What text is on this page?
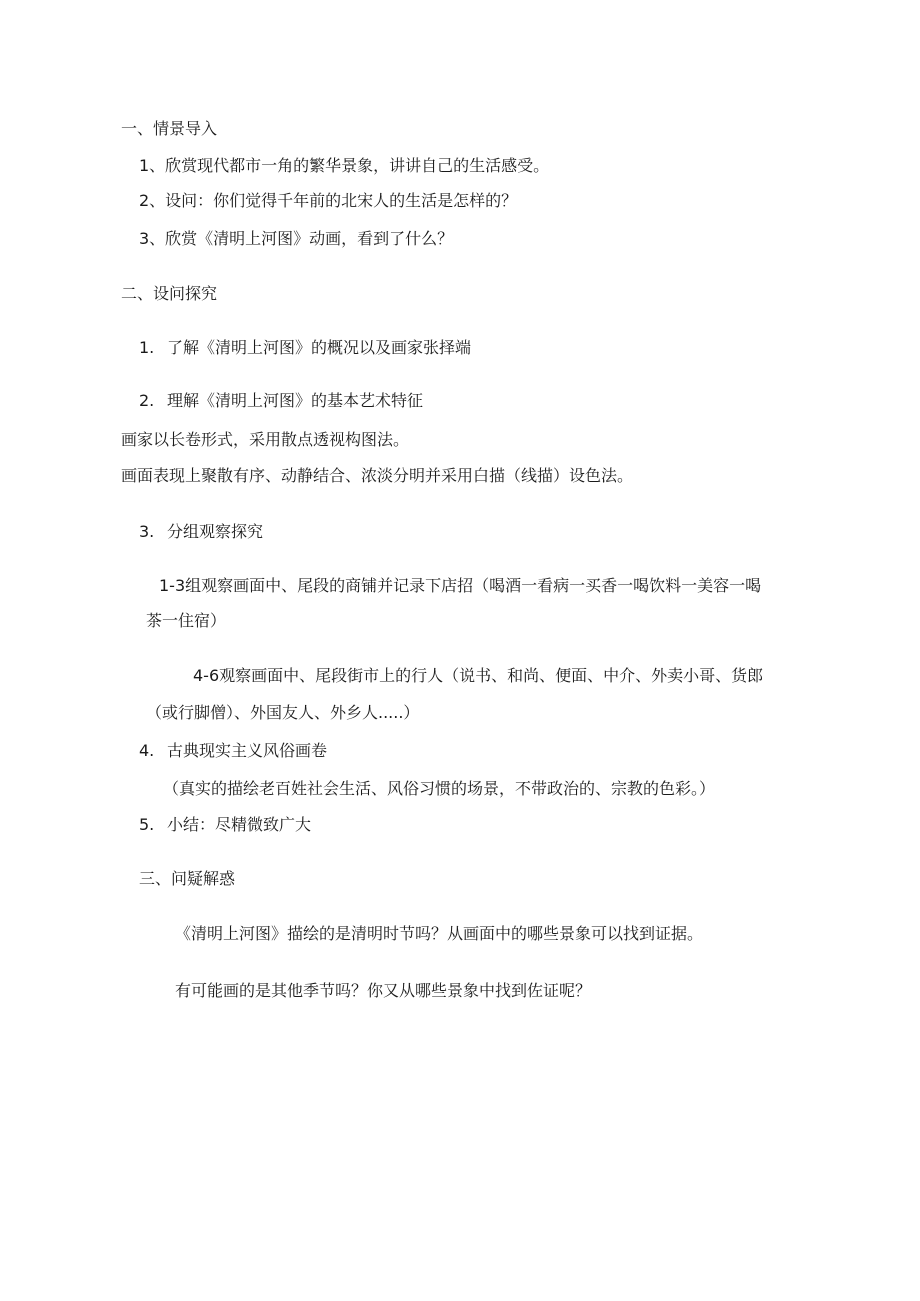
一、情景导入

1、欣赏现代都市一角的繁华景象，讲讲自己的生活感受。

2、设问：你们觉得千年前的北宋人的生活是怎样的？

3、欣赏《清明上河图》动画，看到了什么？

二、设问探究

1. 了解《清明上河图》的概况以及画家张择端

2. 理解《清明上河图》的基本艺术特征

画家以长卷形式，采用散点透视构图法。

画面表现上聚散有序、动静结合、浓淡分明并采用白描（线描）设色法。

3. 分组观察探究

1-3组观察画面中、尾段的商铺并记录下店招（喝酒一看病一买香一喝饮料一美容一喝

茶一住宿）

4-6观察画面中、尾段街市上的行人（说书、和尚、便面、中介、外卖小哥、货郎

（或行脚僧）、外国友人、外乡人.....）

4. 古典现实主义风俗画卷

（真实的描绘老百姓社会生活、风俗习惯的场景，不带政治的、宗教的色彩。）

5. 小结：尽精微致广大

三、问疑解惑

《清明上河图》描绘的是清明时节吗？从画面中的哪些景象可以找到证据。

有可能画的是其他季节吗？你又从哪些景象中找到佐证呢？
